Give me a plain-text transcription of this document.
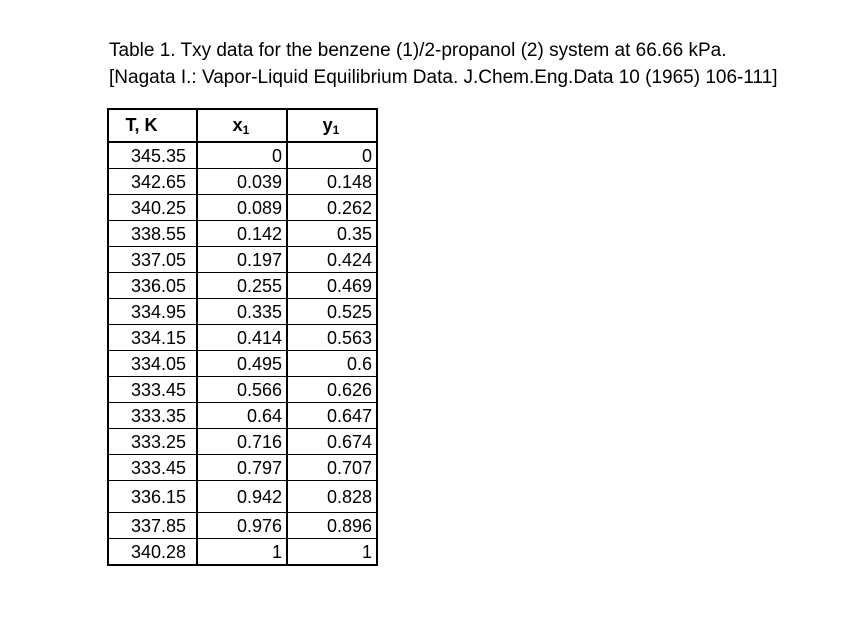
Table 1. Txy data for the benzene (1)/2-propanol (2) system at 66.66 kPa.
[Nagata I.: Vapor-Liquid Equilibrium Data. J.Chem.Eng.Data 10 (1965) 106-111]
T, K	$x_1$	$y_1$
345.35	0	0
342.65	0.039	0.148
340.25	0.089	0.262
338.55	0.142	0.35
337.05	0.197	0.424
336.05	0.255	0.469
334.95	0.335	0.525
334.15	0.414	0.563
334.05	0.495	0.6
333.45	0.566	0.626
333.35	0.64	0.647
333.25	0.716	0.674
333.45	0.797	0.707
336.15	0.942	0.828
337.85	0.976	0.896
340.28	1	1
